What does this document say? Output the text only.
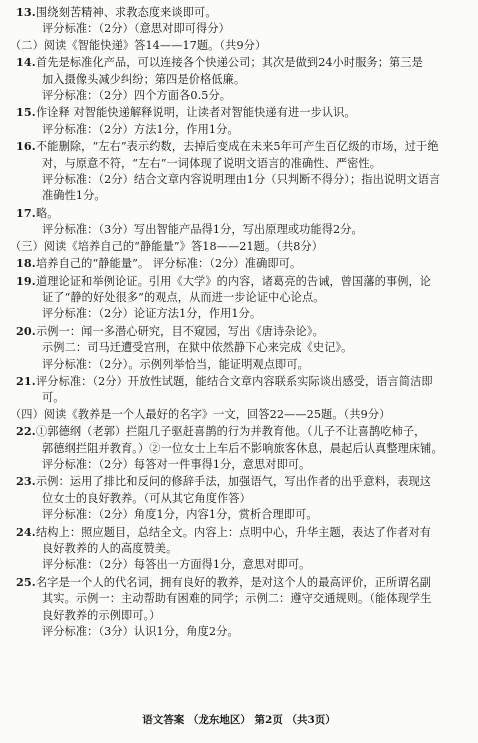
13.围绕刻苦精神、求教态度来谈即可。
评分标准：（2分）（意思对即可得分）
（二）阅读《智能快递》答14——17题。（共9分）
14.首先是标准化产品，可以连接各个快递公司；其次是做到24小时服务；第三是
加入摄像头减少纠纷；第四是价格低廉。
评分标准：（2分）四个方面各0.5分。
15.作诠释 对智能快递解释说明，让读者对智能快递有进一步认识。
评分标准：（2分）方法1分，作用1分。
16.不能删除，“左右”表示约数，去掉后变成在未来5年可产生百亿级的市场，过于绝
对，与原意不符，“左右”一词体现了说明文语言的准确性、严密性。
评分标准：（2分）结合文章内容说明理由1分（只判断不得分）；指出说明文语言
准确性1分。
17.略。
评分标准：（3分）写出智能产品得1分，写出原理或功能得2分。
（三）阅读《培养自己的“静能量”》答18——21题。（共8分）
18.培养自己的“静能量”。 评分标准：（2分）准确即可。
19.道理论证和举例论证。引用《大学》的内容，诸葛亮的告诫，曾国藩的事例，论
证了“静的好处很多”的观点，从而进一步论证中心论点。
评分标准：（2分）论证方法1分，作用1分。
20.示例一：闻一多潜心研究，目不窥园，写出《唐诗杂论》。
示例二：司马迁遭受宫刑，在狱中依然静下心来完成《史记》。
评分标准：（2分）。示例列举恰当，能证明观点即可。
21.评分标准：（2分）开放性试题，能结合文章内容联系实际谈出感受，语言简洁即
可。
（四）阅读《教养是一个人最好的名字》一文，回答22——25题。（共9分）
22.①郭德纲（老郭）拦阻几子驱赶喜鹊的行为并教育他。（儿子不让喜鹊吃柿子，
郭德纲拦阻并教育。）②一位女士上车后不影响旅客休息，晨起后认真整理床铺。
评分标准：（2分）每答对一件事得1分，意思对即可。
23.示例：运用了排比和反问的修辞手法，加强语气，写出作者的出乎意料，表现这
位女士的良好教养。（可从其它角度作答）
评分标准：（2分）角度1分，内容1分，赏析合理即可。
24.结构上：照应题目，总结全文。内容上：点明中心，升华主题，表达了作者对有
良好教养的人的高度赞美。
评分标准：（2分）每答出一方面得1分，意思对即可。
25.名字是一个人的代名词，拥有良好的教养，是对这个人的最高评价，正所谓名副
其实。示例一：主动帮助有困难的同学；示例二：遵守交通规则。（能体现学生
良好教养的示例即可。）
评分标准：（3分）认识1分，角度2分。
语文答案 （龙东地区） 第2页 （共3页）
